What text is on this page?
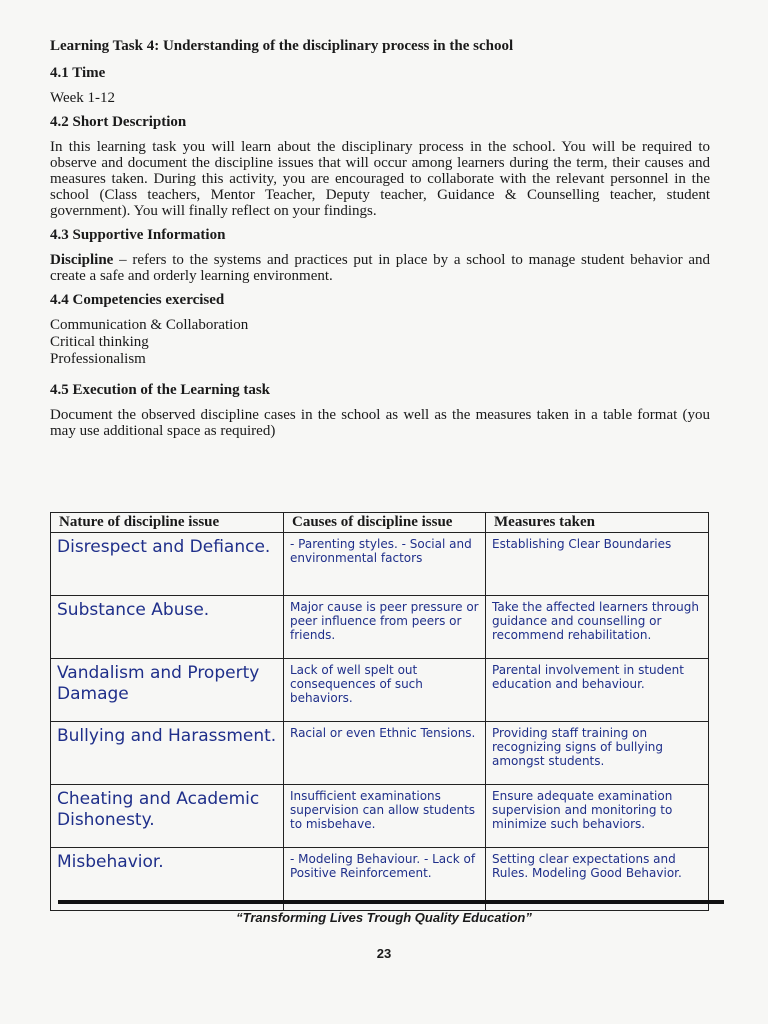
Learning Task 4: Understanding of the disciplinary process in the school
4.1 Time

Week 1-12

4.2 Short Description

In this learning task you will learn about the disciplinary process in the school. You will be required to observe and document the discipline issues that will occur among learners during the term, their causes and measures taken. During this activity, you are encouraged to collaborate with the relevant personnel in the school (Class teachers, Mentor Teacher, Deputy teacher, Guidance & Counselling teacher, student government). You will finally reflect on your findings.

4.3 Supportive Information

Discipline – refers to the systems and practices put in place by a school to manage student behavior and create a safe and orderly learning environment.

4.4 Competencies exercised
Communication & Collaboration
Critical thinking
Professionalism
4.5 Execution of the Learning task

Document the observed discipline cases in the school as well as the measures taken in a table format (you may use additional space as required)

Nature of discipline issue	Causes of discipline issue	Measures taken
Disrespect and Defiance.	- Parenting styles. - Social and environmental factors	Establishing Clear Boundaries
Substance Abuse.	Major cause is peer pressure or peer influence from peers or friends.	Take the affected learners through guidance and counselling or recommend rehabilitation.
Vandalism and Property Damage	Lack of well spelt out consequences of such behaviors.	Parental involvement in student education and behaviour.
Bullying and Harassment.	Racial or even Ethnic Tensions.	Providing staff training on recognizing signs of bullying amongst students.
Cheating and Academic Dishonesty.	Insufficient examinations supervision can allow students to misbehave.	Ensure adequate examination supervision and monitoring to minimize such behaviors.
Misbehavior.	- Modeling Behaviour. - Lack of Positive Reinforcement.	Setting clear expectations and Rules. Modeling Good Behavior.
“Transforming Lives Trough Quality Education”
23
